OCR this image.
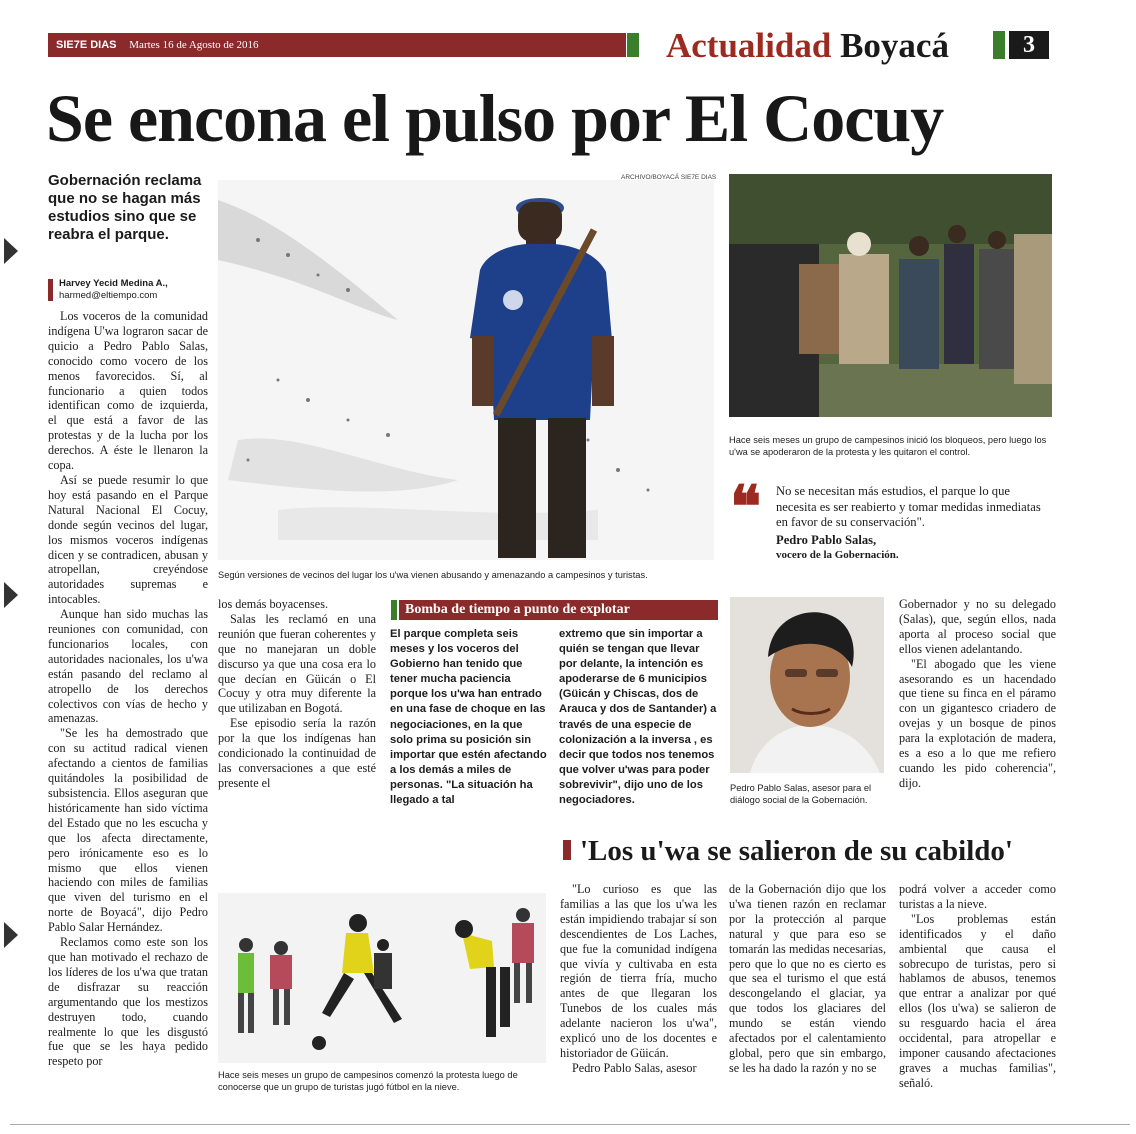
SIE7E DIAS Martes 16 de Agosto de 2016	Actualidad Boyacá	3
Se encona el pulso por El Cocuy
Gobernación reclama que no se hagan más estudios sino que se reabra el parque.
Harvey Yecid Medina A.,
harmed@eltiempo.com

Los voceros de la comunidad indígena U'wa lograron sacar de quicio a Pedro Pablo Salas, conocido como vocero de los menos favorecidos. Sí, al funcionario a quien todos identifican como de izquierda, el que está a favor de las protestas y de la lucha por los derechos. A éste le llenaron la copa.

Así se puede resumir lo que hoy está pasando en el Parque Natural Nacional El Cocuy, donde según vecinos del lugar, los mismos voceros indígenas dicen y se contradicen, abusan y atropellan, creyéndose autoridades supremas e intocables.

Aunque han sido muchas las reuniones con comunidad, con funcionarios locales, con autoridades nacionales, los u'wa están pasando del reclamo al atropello de los derechos colectivos con vías de hecho y amenazas.

"Se les ha demostrado que con su actitud radical vienen afectando a cientos de familias quitándoles la posibilidad de subsistencia. Ellos aseguran que históricamente han sido víctima del Estado que no les escucha y que los afecta directamente, pero irónicamente eso es lo mismo que ellos vienen haciendo con miles de familias que viven del turismo en el norte de Boyacá", dijo Pedro Pablo Salar Hernández.

Reclamos como este son los que han motivado el rechazo de los líderes de los u'wa que tratan de disfrazar su reacción argumentando que los mestizos destruyen todo, cuando realmente lo que les disgustó fue que se les haya pedido respeto por

ARCHIVO/BOYACÁ SIE7E DIAS
Según versiones de vecinos del lugar los u'wa vienen abusando y amenazando a campesinos y turistas.
Hace seis meses un grupo de campesinos inició los bloqueos, pero luego los u'wa se apoderaron de la protesta y les quitaron el control.
❝ No se necesitan más estudios, el parque lo que necesita es ser reabierto y tomar medidas inmediatas en favor de su conservación".
Pedro Pablo Salas,
vocero de la Gobernación.

los demás boyacenses.

Salas les reclamó en una reunión que fueran coherentes y que no manejaran un doble discurso ya que una cosa era lo que decían en Güicán o El Cocuy y otra muy diferente la que utilizaban en Bogotá.

Ese episodio sería la razón por la que los indígenas han condicionado la continuidad de las conversaciones a que esté presente el

Bomba de tiempo a punto de explotar
El parque completa seis meses y los voceros del Gobierno han tenido que tener mucha paciencia porque los u'wa han entrado en una fase de choque en las negociaciones, en la que solo prima su posición sin importar que estén afectando a los demás a miles de personas. "La situación ha llegado a tal
extremo que sin importar a quién se tengan que llevar por delante, la intención es apoderarse de 6 municipios (Güicán y Chiscas, dos de Arauca y dos de Santander) a través de una especie de colonización a la inversa , es decir que todos nos tenemos que volver u'was para poder sobrevivir", dijo uno de los negociadores.
Pedro Pablo Salas, asesor para el diálogo social de la Gobernación.

Gobernador y no su delegado (Salas), que, según ellos, nada aporta al proceso social que ellos vienen adelantando.

"El abogado que les viene asesorando es un hacendado que tiene su finca en el páramo con un gigantesco criadero de ovejas y un bosque de pinos para la explotación de madera, es a eso a lo que me refiero cuando les pido coherencia", dijo.

'Los u'wa se salieron de su cabildo'
Hace seis meses un grupo de campesinos comenzó la protesta luego de conocerse que un grupo de turistas jugó fútbol en la nieve.

"Lo curioso es que las familias a las que los u'wa les están impidiendo trabajar sí son descendientes de Los Laches, que fue la comunidad indígena que vivía y cultivaba en esta región de tierra fría, mucho antes de que llegaran los Tunebos de los cuales más adelante nacieron los u'wa", explicó uno de los docentes e historiador de Güicán.

Pedro Pablo Salas, asesor

de la Gobernación dijo que los u'wa tienen razón en reclamar por la protección al parque natural y que para eso se tomarán las medidas necesarias, pero que lo que no es cierto es que sea el turismo el que está descongelando el glaciar, ya que todos los glaciares del mundo se están viendo afectados por el calentamiento global, pero que sin embargo, se les ha dado la razón y no se

podrá volver a acceder como turistas a la nieve.

"Los problemas están identificados y el daño ambiental que causa el sobrecupo de turistas, pero si hablamos de abusos, tenemos que entrar a analizar por qué ellos (los u'wa) se salieron de su resguardo hacia el área occidental, para atropellar e imponer causando afectaciones graves a muchas familias", señaló.
